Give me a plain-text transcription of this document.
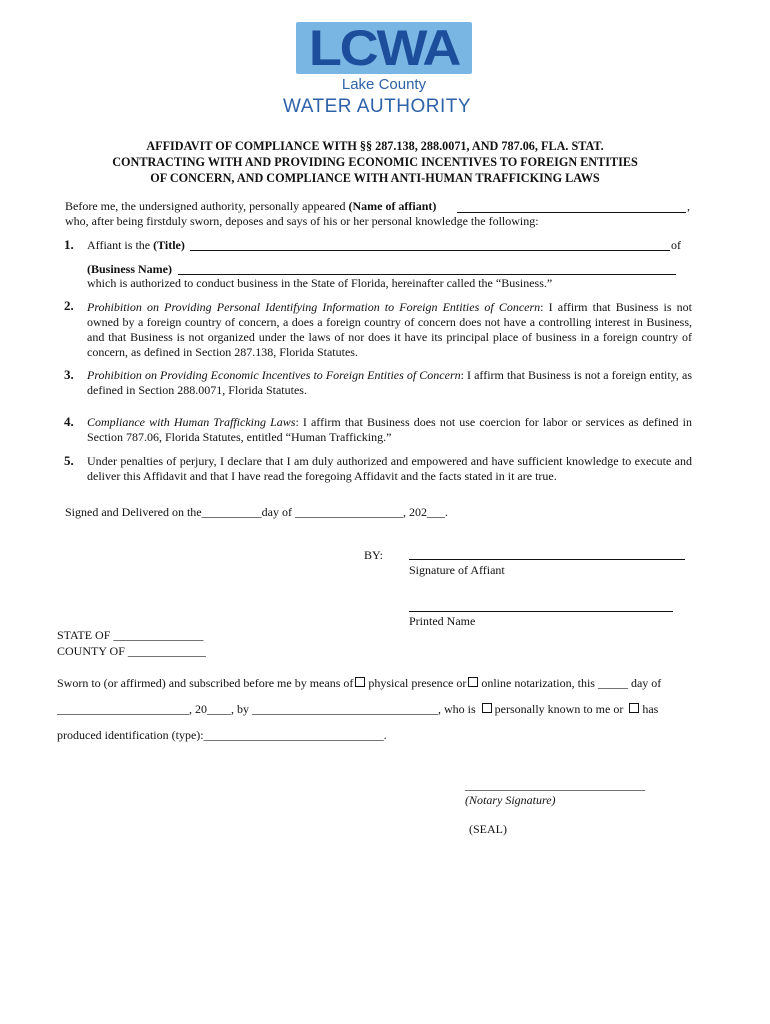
LCWA
Lake County
WATER AUTHORITY
AFFIDAVIT OF COMPLIANCE WITH §§ 287.138, 288.0071, AND 787.06, FLA. STAT.
CONTRACTING WITH AND PROVIDING ECONOMIC INCENTIVES TO FOREIGN ENTITIES
OF CONCERN, AND COMPLIANCE WITH ANTI-HUMAN TRAFFICKING LAWS
Before me, the undersigned authority, personally appeared (Name of affiant)	,
who, after being firstduly sworn, deposes and says of his or her personal knowledge the following:
1. Affiant is the (Title)	of
(Business Name)
which is authorized to conduct business in the State of Florida, hereinafter called the “Business.”
2. Prohibition on Providing Personal Identifying Information to Foreign Entities of Concern: I affirm that Business is not owned by a foreign country of concern, a does a foreign country of concern does not have a controlling interest in Business, and that Business is not organized under the laws of nor does it have its principal place of business in a foreign country of concern, as defined in Section 287.138, Florida Statutes.
3. Prohibition on Providing Economic Incentives to Foreign Entities of Concern: I affirm that Business is not a foreign entity, as defined in Section 288.0071, Florida Statutes.
4. Compliance with Human Trafficking Laws: I affirm that Business does not use coercion for labor or services as defined in Section 787.06, Florida Statutes, entitled “Human Trafficking.”
5. Under penalties of perjury, I declare that I am duly authorized and empowered and have sufficient knowledge to execute and deliver this Affidavit and that I have read the foregoing Affidavit and the facts stated in it are true.
Signed and Delivered on the__________day of __________________, 202___.
BY:
Signature of Affiant
Printed Name
STATE OF _______________
COUNTY OF _____________
Sworn to (or affirmed) and subscribed before me by means of physical presence or online notarization, this _____ day of
______________________, 20____, by _______________________________, who is personally known to me or has
produced identification (type):______________________________.
______________________________
(Notary Signature)
(SEAL)
